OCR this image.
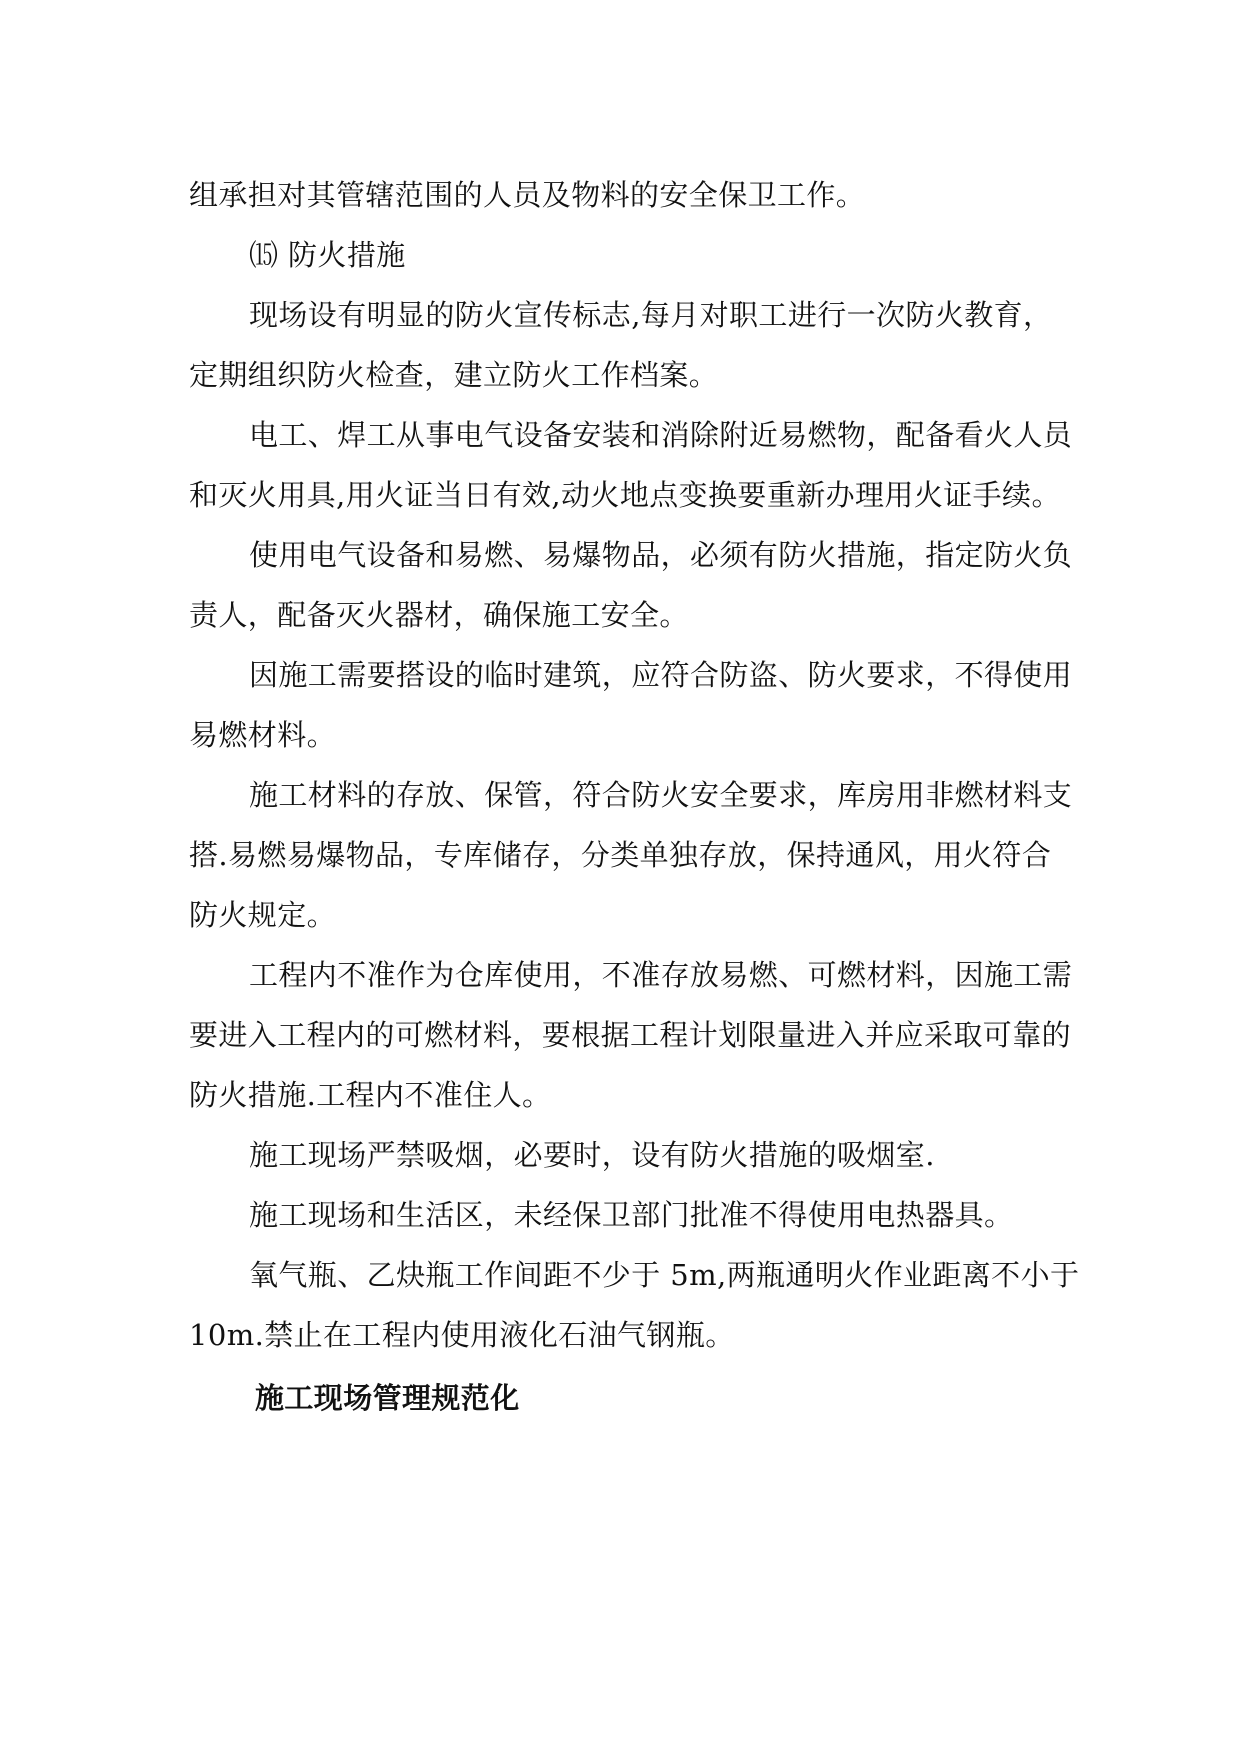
组承担对其管辖范围的人员及物料的安全保卫工作。
⒂ 防火措施
现场设有明显的防火宣传标志,每月对职工进行一次防火教育，
定期组织防火检查，建立防火工作档案。
电工、焊工从事电气设备安装和消除附近易燃物，配备看火人员
和灭火用具,用火证当日有效,动火地点变换要重新办理用火证手续。
使用电气设备和易燃、易爆物品，必须有防火措施，指定防火负
责人，配备灭火器材，确保施工安全。
因施工需要搭设的临时建筑，应符合防盗、防火要求，不得使用
易燃材料。
施工材料的存放、保管，符合防火安全要求，库房用非燃材料支
搭.易燃易爆物品，专库储存，分类单独存放，保持通风，用火符合
防火规定。
工程内不准作为仓库使用，不准存放易燃、可燃材料，因施工需
要进入工程内的可燃材料，要根据工程计划限量进入并应采取可靠的
防火措施.工程内不准住人。
施工现场严禁吸烟，必要时，设有防火措施的吸烟室.
施工现场和生活区，未经保卫部门批准不得使用电热器具。
氧气瓶、乙炔瓶工作间距不少于 5m,两瓶通明火作业距离不小于
10m.禁止在工程内使用液化石油气钢瓶。
施工现场管理规范化
